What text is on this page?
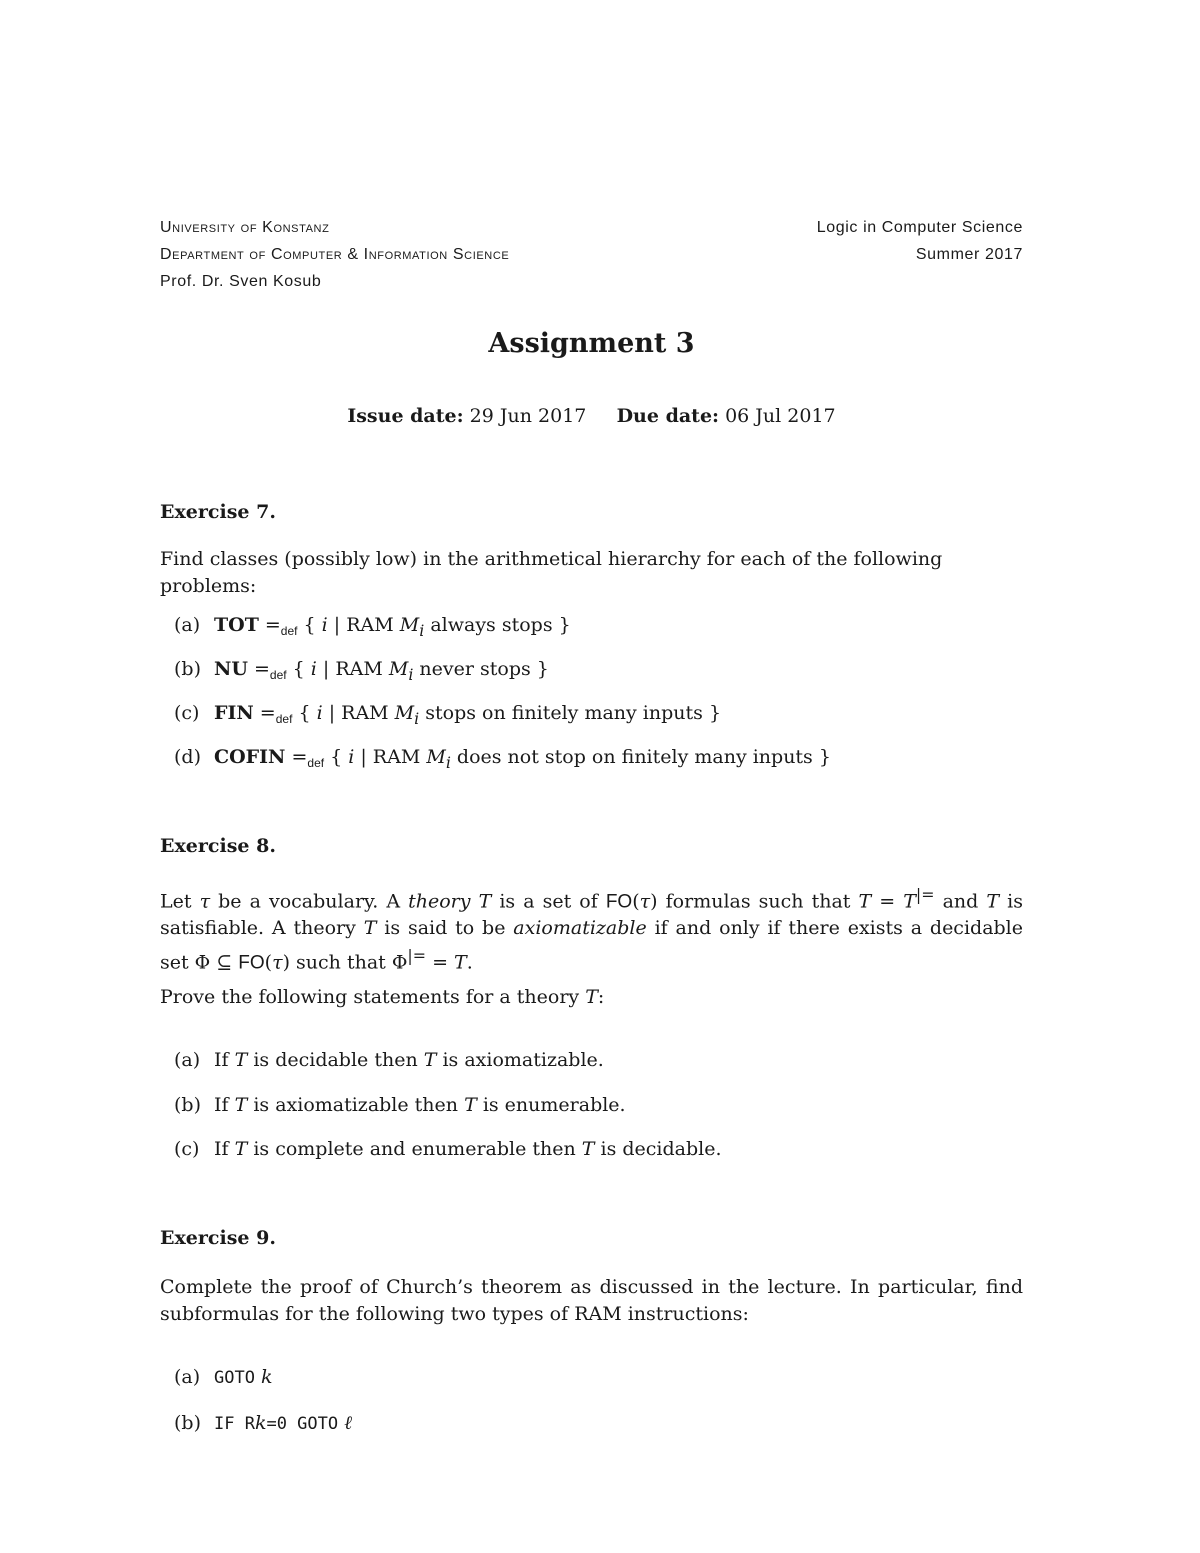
University of Konstanz
Department of Computer & Information Science
Prof. Dr. Sven Kosub
Logic in Computer Science
Summer 2017
Assignment 3
Issue date: 29 Jun 2017 Due date: 06 Jul 2017
Exercise 7.
Find classes (possibly low) in the arithmetical hierarchy for each of the following problems:
(a) TOT $=_{def}$ { i | RAM $M_i$ always stops }
(b) NU $=_{def}$ { i | RAM $M_i$ never stops }
(c) FIN $=_{def}$ { i | RAM $M_i$ stops on finitely many inputs }
(d) COFIN $=_{def}$ { i | RAM $M_i$ does not stop on finitely many inputs }
Exercise 8.
Let τ be a vocabulary. A theory T is a set of FO(τ) formulas such that T = T|= and T is satisfiable. A theory T is said to be axiomatizable if and only if there exists a decidable set Φ ⊆ FO(τ) such that Φ|= = T.
Prove the following statements for a theory T:
(a) If T is decidable then T is axiomatizable.
(b) If T is axiomatizable then T is enumerable.
(c) If T is complete and enumerable then T is decidable.
Exercise 9.
Complete the proof of Church’s theorem as discussed in the lecture. In particular, find subformulas for the following two types of RAM instructions:
(a) GOTO k
(b) IF Rk=0 GOTO ℓ
